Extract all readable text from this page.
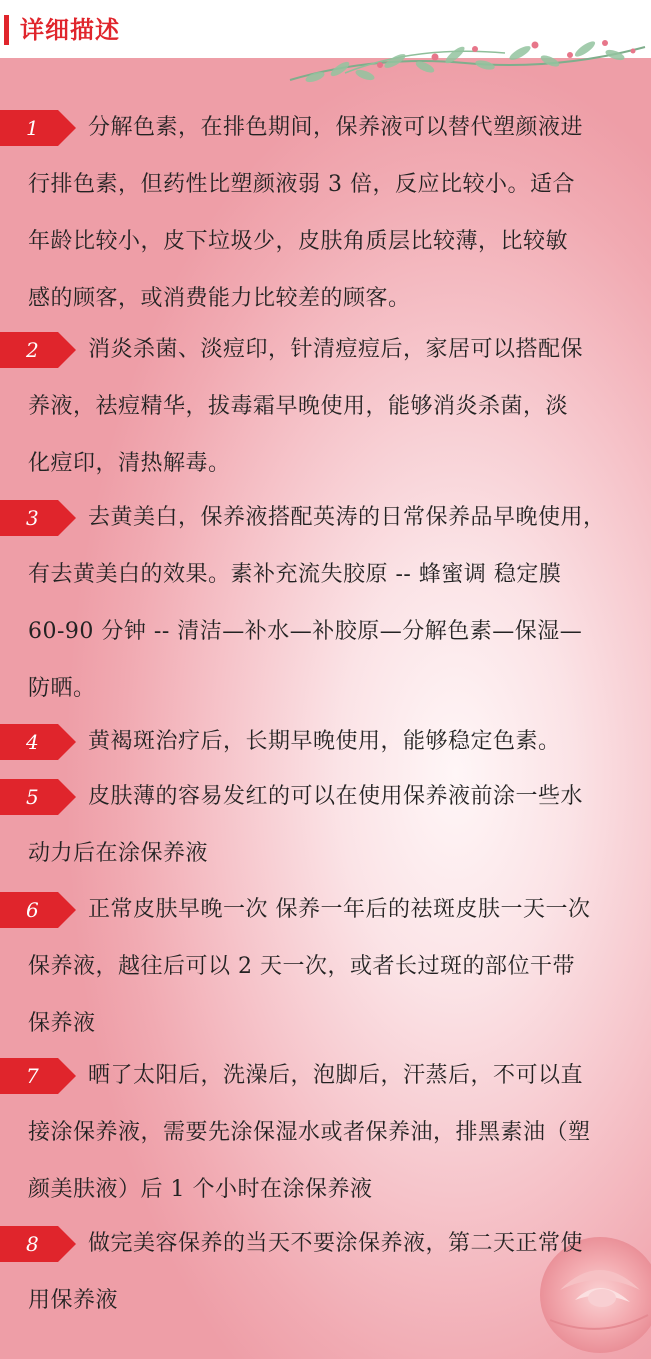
详细描述
1 分解色素，在排色期间，保养液可以替代塑颜液进
行排色素，但药性比塑颜液弱 3 倍，反应比较小。适合
年龄比较小，皮下垃圾少，皮肤角质层比较薄，比较敏
感的顾客，或消费能力比较差的顾客。
2 消炎杀菌、淡痘印，针清痘痘后，家居可以搭配保
养液，祛痘精华，拔毒霜早晚使用，能够消炎杀菌，淡
化痘印，清热解毒。
3 去黄美白，保养液搭配英涛的日常保养品早晚使用，
有去黄美白的效果。素补充流失胶原 -- 蜂蜜调 稳定膜
60-90 分钟 -- 清洁—补水—补胶原—分解色素—保湿—
防晒。
4 黄褐斑治疗后，长期早晚使用，能够稳定色素。
5 皮肤薄的容易发红的可以在使用保养液前涂一些水
动力后在涂保养液
6 正常皮肤早晚一次 保养一年后的祛斑皮肤一天一次
保养液，越往后可以 2 天一次，或者长过斑的部位干带
保养液
7 晒了太阳后，洗澡后，泡脚后，汗蒸后，不可以直
接涂保养液，需要先涂保湿水或者保养油，排黑素油（塑
颜美肤液）后 1 个小时在涂保养液
8 做完美容保养的当天不要涂保养液，第二天正常使
用保养液
